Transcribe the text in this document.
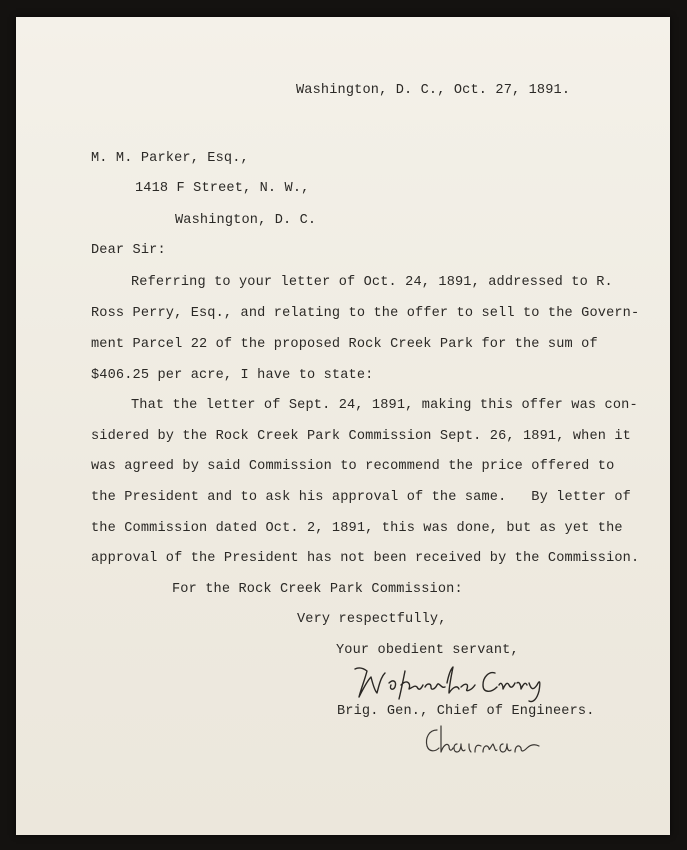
Washington, D. C., Oct. 27, 1891.
M. M. Parker, Esq.,
1418 F Street, N. W.,
Washington, D. C.
Dear Sir:
Referring to your letter of Oct. 24, 1891, addressed to R.
Ross Perry, Esq., and relating to the offer to sell to the Govern-
ment Parcel 22 of the proposed Rock Creek Park for the sum of
$406.25 per acre, I have to state:
That the letter of Sept. 24, 1891, making this offer was con-
sidered by the Rock Creek Park Commission Sept. 26, 1891, when it
was agreed by said Commission to recommend the price offered to
the President and to ask his approval of the same.   By letter of
the Commission dated Oct. 2, 1891, this was done, but as yet the
approval of the President has not been received by the Commission.
For the Rock Creek Park Commission:
Very respectfully,
Your obedient servant,
Brig. Gen., Chief of Engineers.
